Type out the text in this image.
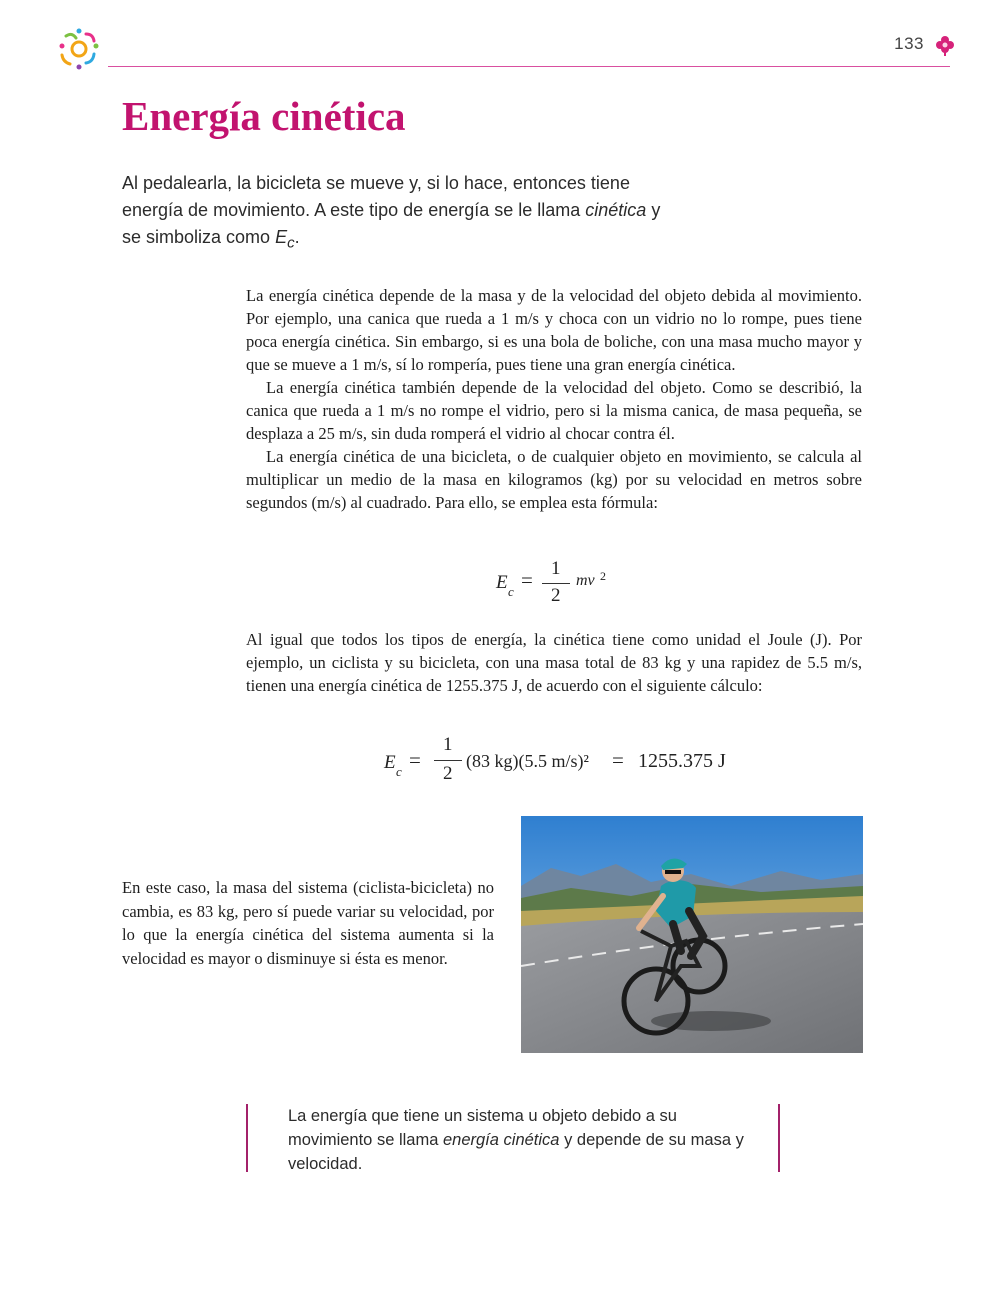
133
Energía cinética

Al pedalearla, la bicicleta se mueve y, si lo hace, entonces tiene energía de movimiento. A este tipo de energía se le llama cinética y se simboliza como $E_c$.

La energía cinética depende de la masa y de la velocidad del objeto debida al movimiento. Por ejemplo, una canica que rueda a 1 m/s y choca con un vidrio no lo rompe, pues tiene poca energía cinética. Sin embargo, si es una bola de boliche, con una masa mucho mayor y que se mueve a 1 m/s, sí lo rompería, pues tiene una gran energía cinética.

La energía cinética también depende de la velocidad del objeto. Como se describió, la canica que rueda a 1 m/s no rompe el vidrio, pero si la misma canica, de masa pequeña, se desplaza a 25 m/s, sin duda romperá el vidrio al chocar contra él.

La energía cinética de una bicicleta, o de cualquier objeto en movimiento, se calcula al multiplicar un medio de la masa en kilogramos (kg) por su velocidad en metros sobre segundos (m/s) al cuadrado. Para ello, se emplea esta fórmula:

E c = 1
2
mv 2

Al igual que todos los tipos de energía, la cinética tiene como unidad el Joule (J). Por ejemplo, un ciclista y su bicicleta, con una masa total de 83 kg y una rapidez de 5.5 m/s, tienen una energía cinética de 1255.375 J, de acuerdo con el siguiente cálculo:

E c =
1
2
(83 kg)(5.5 m/s)² = 1255.375 J

En este caso, la masa del sistema (ciclista-bicicleta) no cambia, es 83 kg, pero sí puede variar su velocidad, por lo que la energía cinética del sistema aumenta si la velocidad es mayor o disminuye si ésta es menor.

La energía que tiene un sistema u objeto debido a su movimiento se llama energía cinética y depende de su masa y velocidad.
